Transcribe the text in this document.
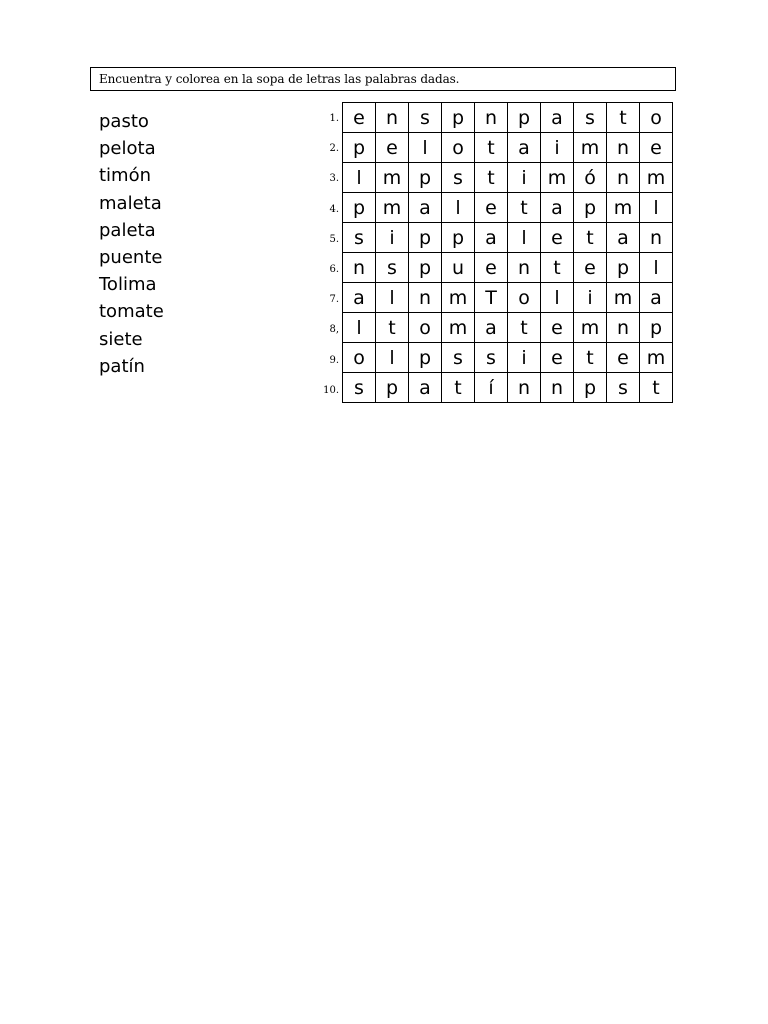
Encuentra y colorea en la sopa de letras las palabras dadas.
pasto
pelota
timón
maleta
paleta
puente
Tolima
tomate
siete
patín
1.
2.
3.
4.
5.
6.
7.
8,
9.
10.
e	n	s	p	n	p	a	s	t	o
p	e	l	o	t	a	i	m	n	e
l	m	p	s	t	i	m	ó	n	m
p	m	a	l	e	t	a	p	m	l
s	i	p	p	a	l	e	t	a	n
n	s	p	u	e	n	t	e	p	l
a	l	n	m	T	o	l	i	m	a
l	t	o	m	a	t	e	m	n	p
o	l	p	s	s	i	e	t	e	m
s	p	a	t	í	n	n	p	s	t
